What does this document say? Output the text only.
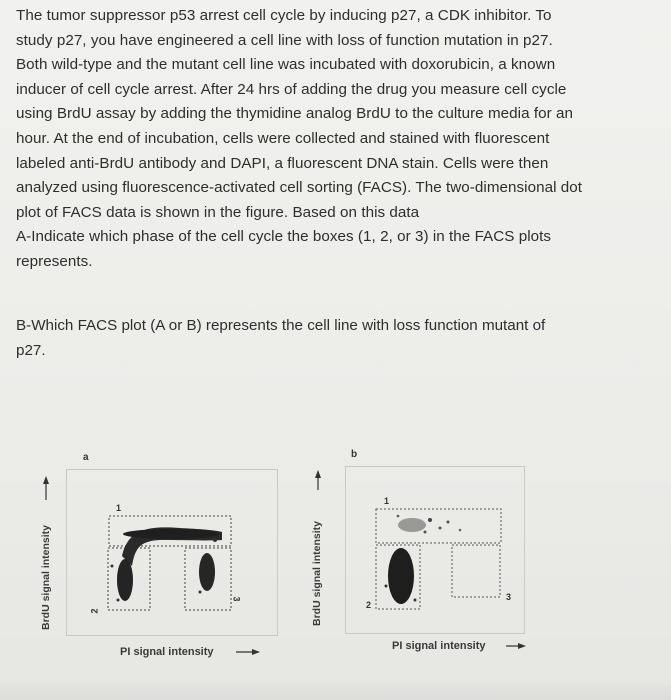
The tumor suppressor p53 arrest cell cycle by inducing p27, a CDK inhibitor. To
study p27, you have engineered a cell line with loss of function mutation in p27.
Both wild-type and the mutant cell line was incubated with doxorubicin, a known
inducer of cell cycle arrest. After 24 hrs of adding the drug you measure cell cycle
using BrdU assay by adding the thymidine analog BrdU to the culture media for an
hour. At the end of incubation, cells were collected and stained with fluorescent
labeled anti-BrdU antibody and DAPI, a fluorescent DNA stain. Cells were then
analyzed using fluorescence-activated cell sorting (FACS). The two-dimensional dot
plot of FACS data is shown in the figure. Based on this data
A-Indicate which phase of the cell cycle the boxes (1, 2, or 3) in the FACS plots
represents.
B-Which FACS plot (A or B) represents the cell line with loss function mutant of
p27.
a
BrdU signal intensity
1
2
3
PI signal intensity
b
BrdU signal intensity
1
2
3
PI signal intensity
